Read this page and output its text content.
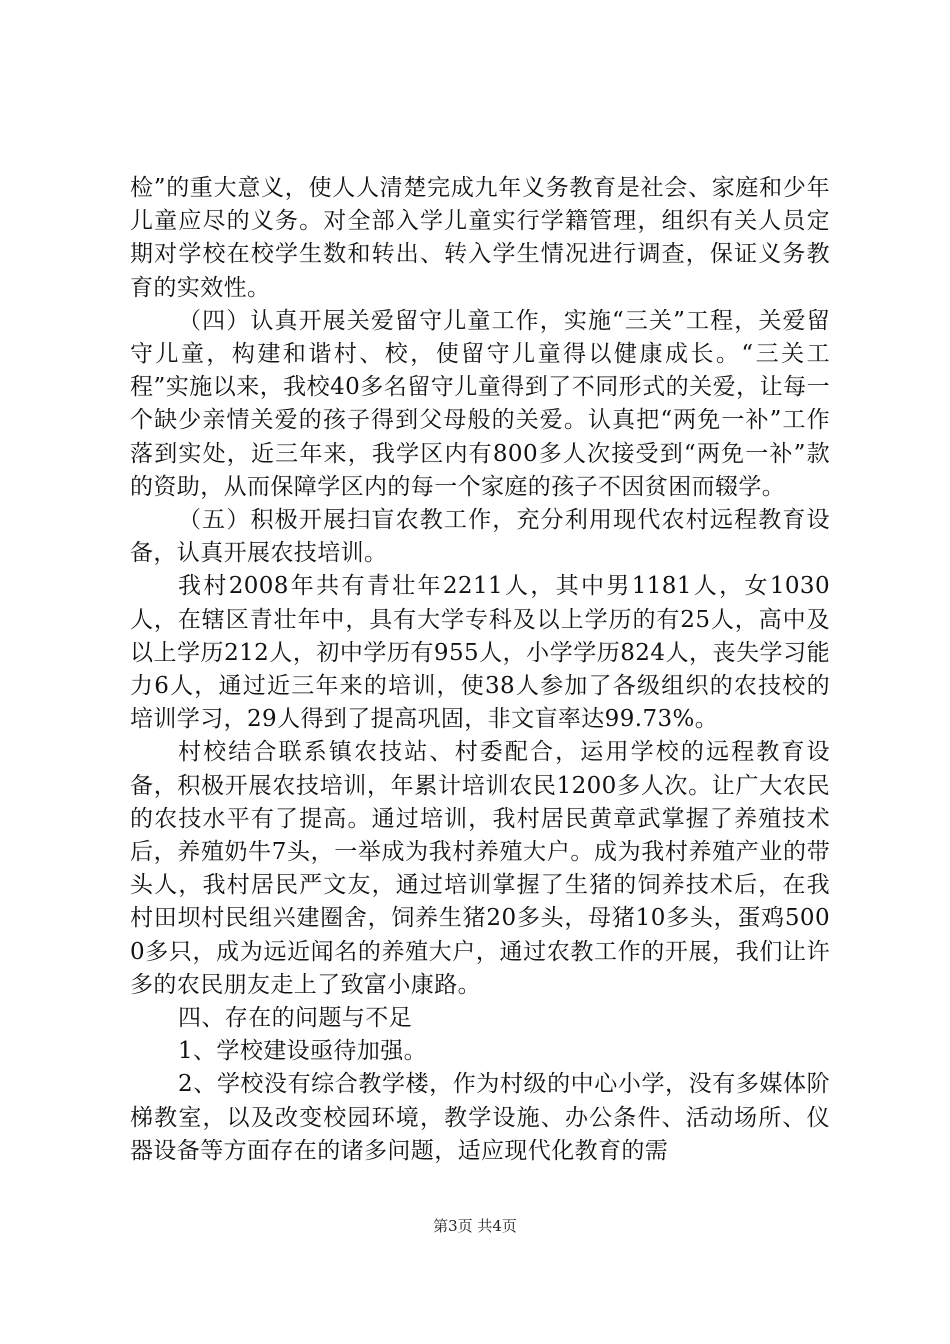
检”的重大意义，使人人清楚完成九年义务教育是社会、家庭和少年儿童应尽的义务。对全部入学儿童实行学籍管理，组织有关人员定期对学校在校学生数和转出、转入学生情况进行调查，保证义务教育的实效性。

（四）认真开展关爱留守儿童工作，实施“三关”工程，关爱留守儿童，构建和谐村、校，使留守儿童得以健康成长。“三关工程”实施以来，我校40多名留守儿童得到了不同形式的关爱，让每一个缺少亲情关爱的孩子得到父母般的关爱。认真把“两免一补”工作落到实处，近三年来，我学区内有800多人次接受到“两免一补”款的资助，从而保障学区内的每一个家庭的孩子不因贫困而辍学。

（五）积极开展扫盲农教工作，充分利用现代农村远程教育设备，认真开展农技培训。

我村2008年共有青壮年2211人，其中男1181人，女1030人，在辖区青壮年中，具有大学专科及以上学历的有25人，高中及以上学历212人，初中学历有955人，小学学历824人，丧失学习能力6人，通过近三年来的培训，使38人参加了各级组织的农技校的培训学习，29人得到了提高巩固，非文盲率达99.73%。

村校结合联系镇农技站、村委配合，运用学校的远程教育设备，积极开展农技培训，年累计培训农民1200多人次。让广大农民的农技水平有了提高。通过培训，我村居民黄章武掌握了养殖技术后，养殖奶牛7头，一举成为我村养殖大户。成为我村养殖产业的带头人，我村居民严文友，通过培训掌握了生猪的饲养技术后，在我村田坝村民组兴建圈舍，饲养生猪20多头，母猪10多头，蛋鸡5000多只，成为远近闻名的养殖大户，通过农教工作的开展，我们让许多的农民朋友走上了致富小康路。

四、存在的问题与不足

1、学校建设亟待加强。

2、学校没有综合教学楼，作为村级的中心小学，没有多媒体阶梯教室，以及改变校园环境，教学设施、办公条件、活动场所、仪器设备等方面存在的诸多问题，适应现代化教育的需

第3页 共4页
